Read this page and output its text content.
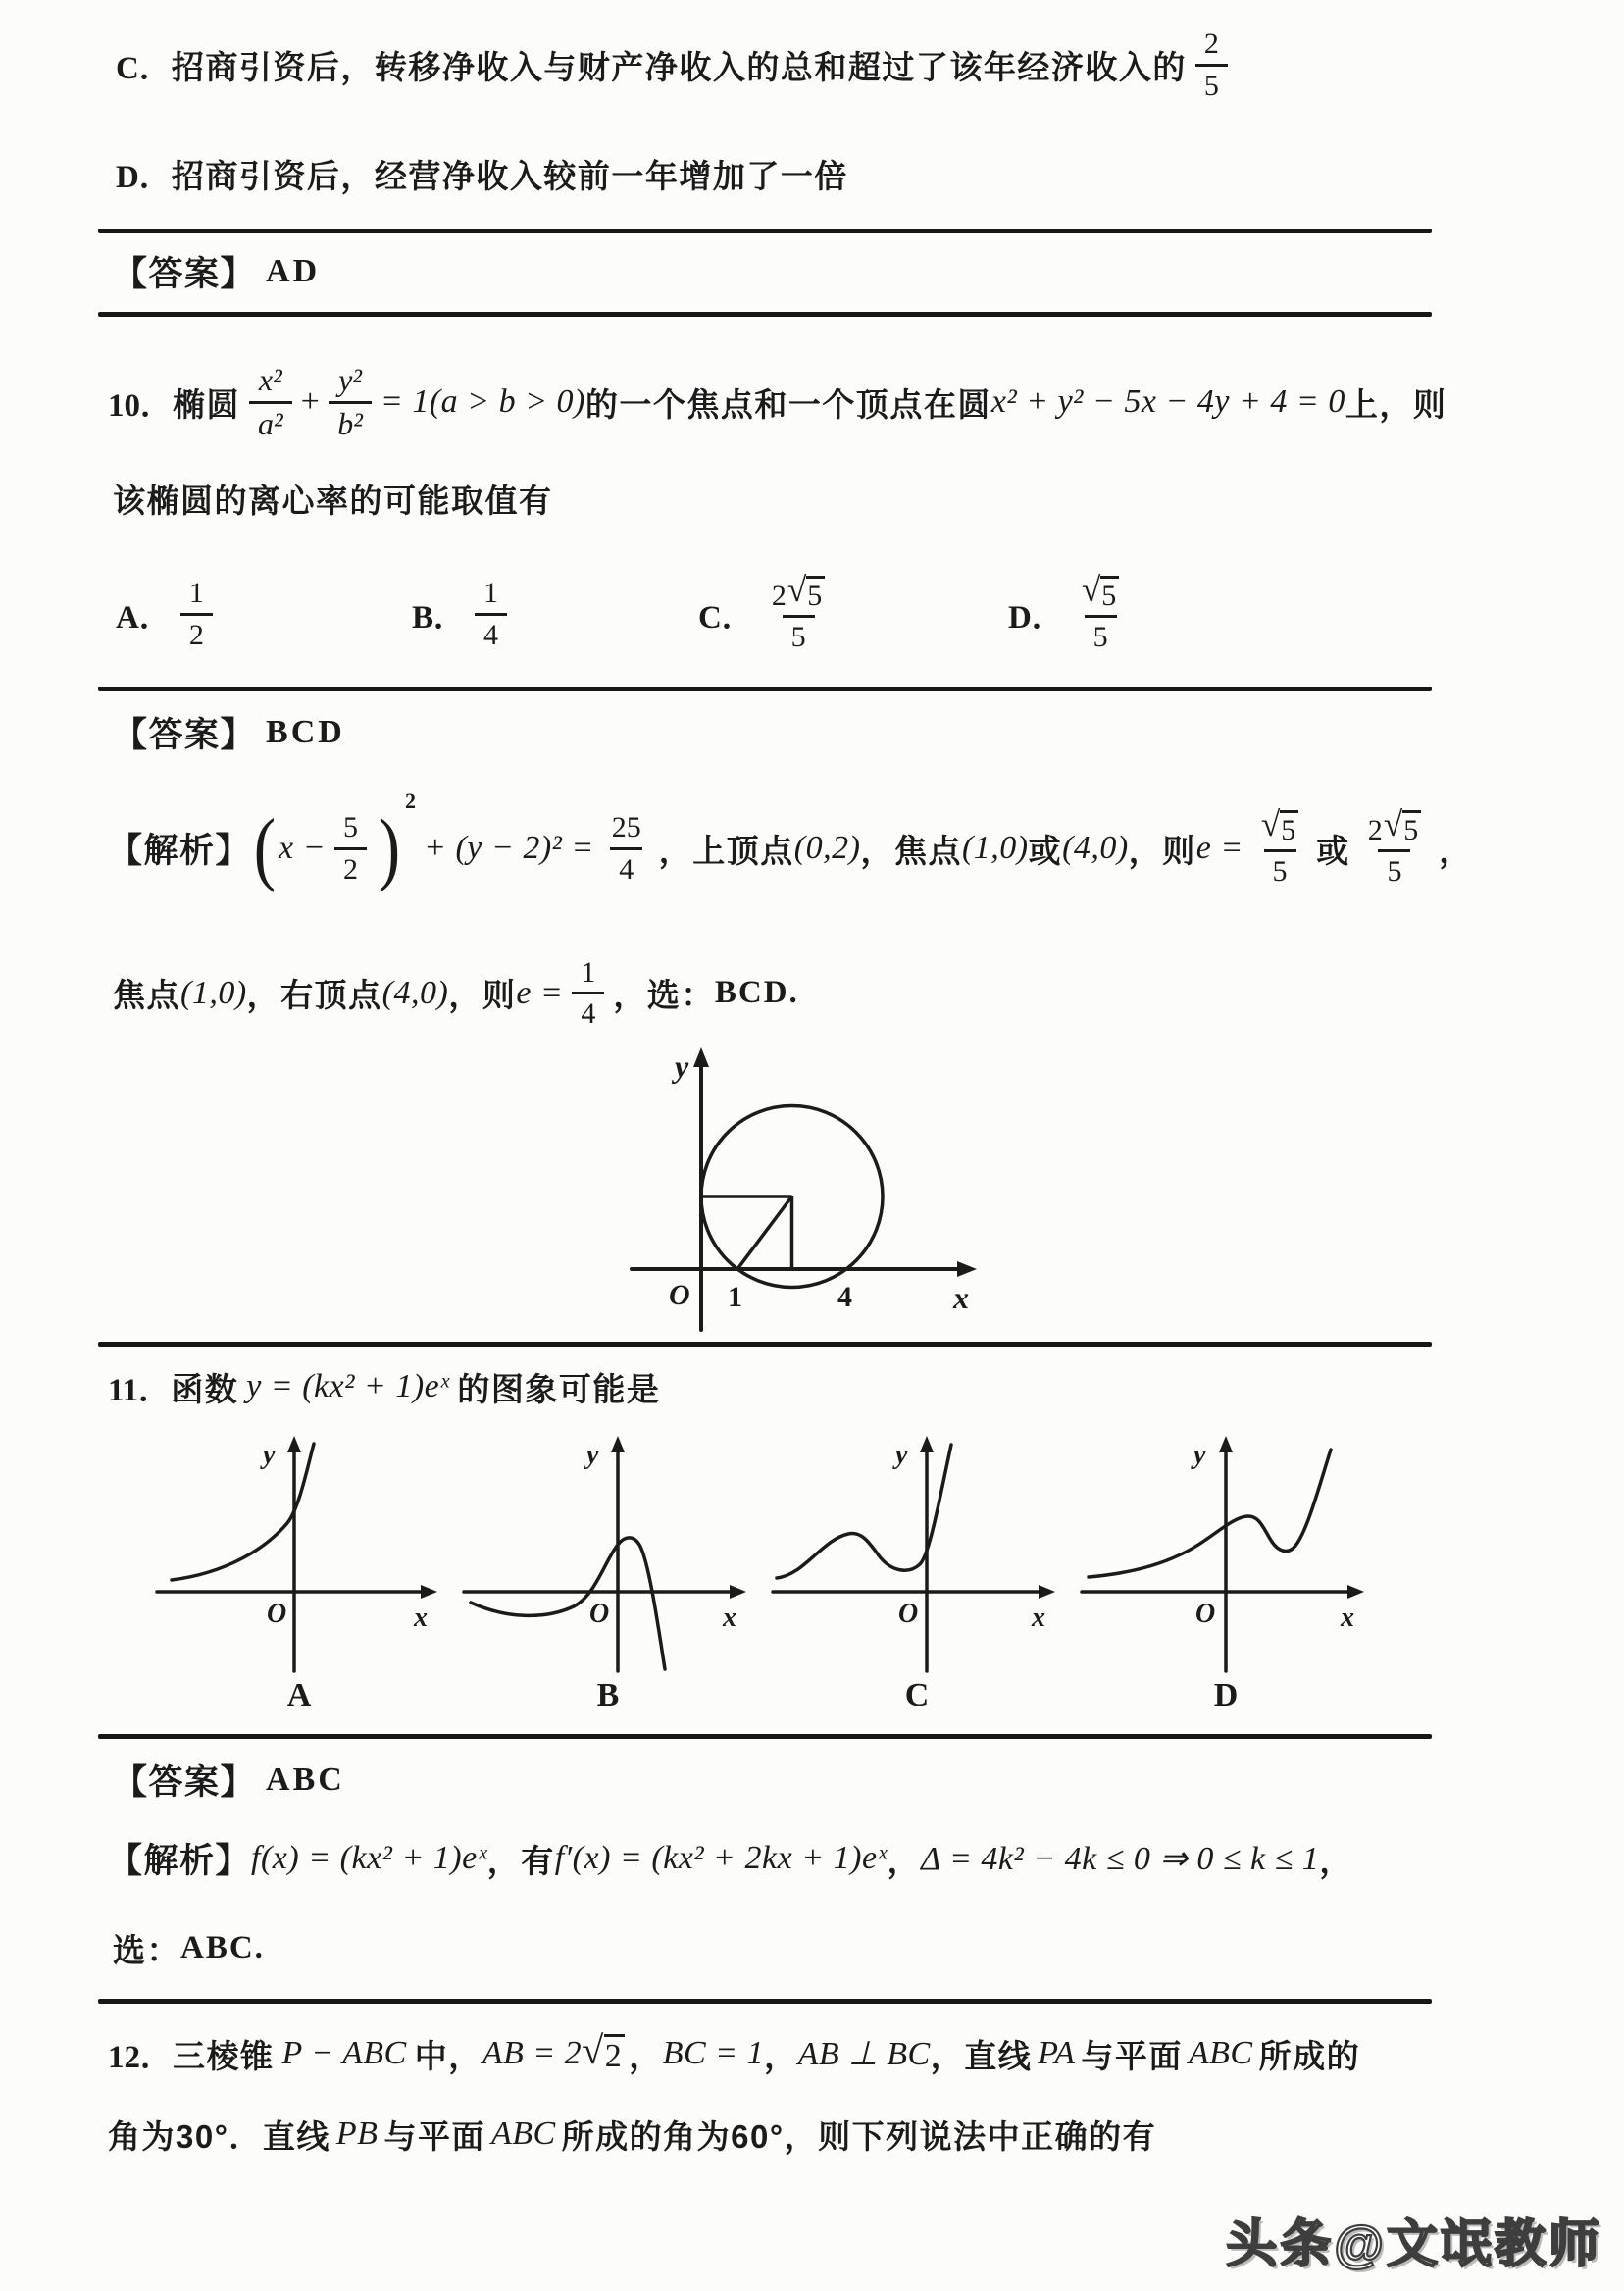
C． 招商引资后，转移净收入与财产净收入的总和超过了该年经济收入的 $\frac{2}{5}$
D． 招商引资后，经营净收入较前一年增加了一倍
【答案】 AD
10． 椭圆 $\frac{\text{x²}}{\text{a²}} + \frac{\text{y²}}{\text{b²}} = 1(a > b > 0)$ 的一个焦点和一个顶点在圆 x² + y² − 5x − 4y + 4 = 0 上，则
该椭圆的离心率的可能取值有
A． $\frac{1}{2}$	B． $\frac{1}{4}$	C． $\frac{2 √ 5}{5}$	D． $\frac{√ 5}{5}$
【答案】 BCD
【解析】 ( $x - \frac{5}{2}$ )
2
+ $(y - 2)^2 = \frac{25}{4}$ ，上顶点 (0,2) ，焦点 (1,0) 或 (4,0) ，则 $e = \frac{√ 5}{5}$ 或 $\frac{2 √ 5}{5}$ ，
焦点 (1,0) ，右顶点 (4,0) ，则 $e = \frac{1}{4}$ ，选： BCD.
y
x
O 1	4
11． 函数 y = (kx² + 1)eˣ 的图象可能是
O	x
y
A
O	x
y
B
O	x
y
C
O	x
y
D
【答案】 ABC
【解析】 f(x) = (kx² + 1)eˣ ，有 f′(x) = (kx² + 2kx + 1)eˣ ， Δ = 4k² − 4k ≤ 0 ⇒ 0 ≤ k ≤ 1 ，
选： ABC.
12． 三棱锥 P − ABC 中， AB = 2 √ 2 ， BC = 1 ， AB ⊥ BC ，直线 PA 与平面 ABC 所成的
角为30°．直线 PB 与平面 ABC 所成的角为60°，则下列说法中正确的有
头条@文氓教师
